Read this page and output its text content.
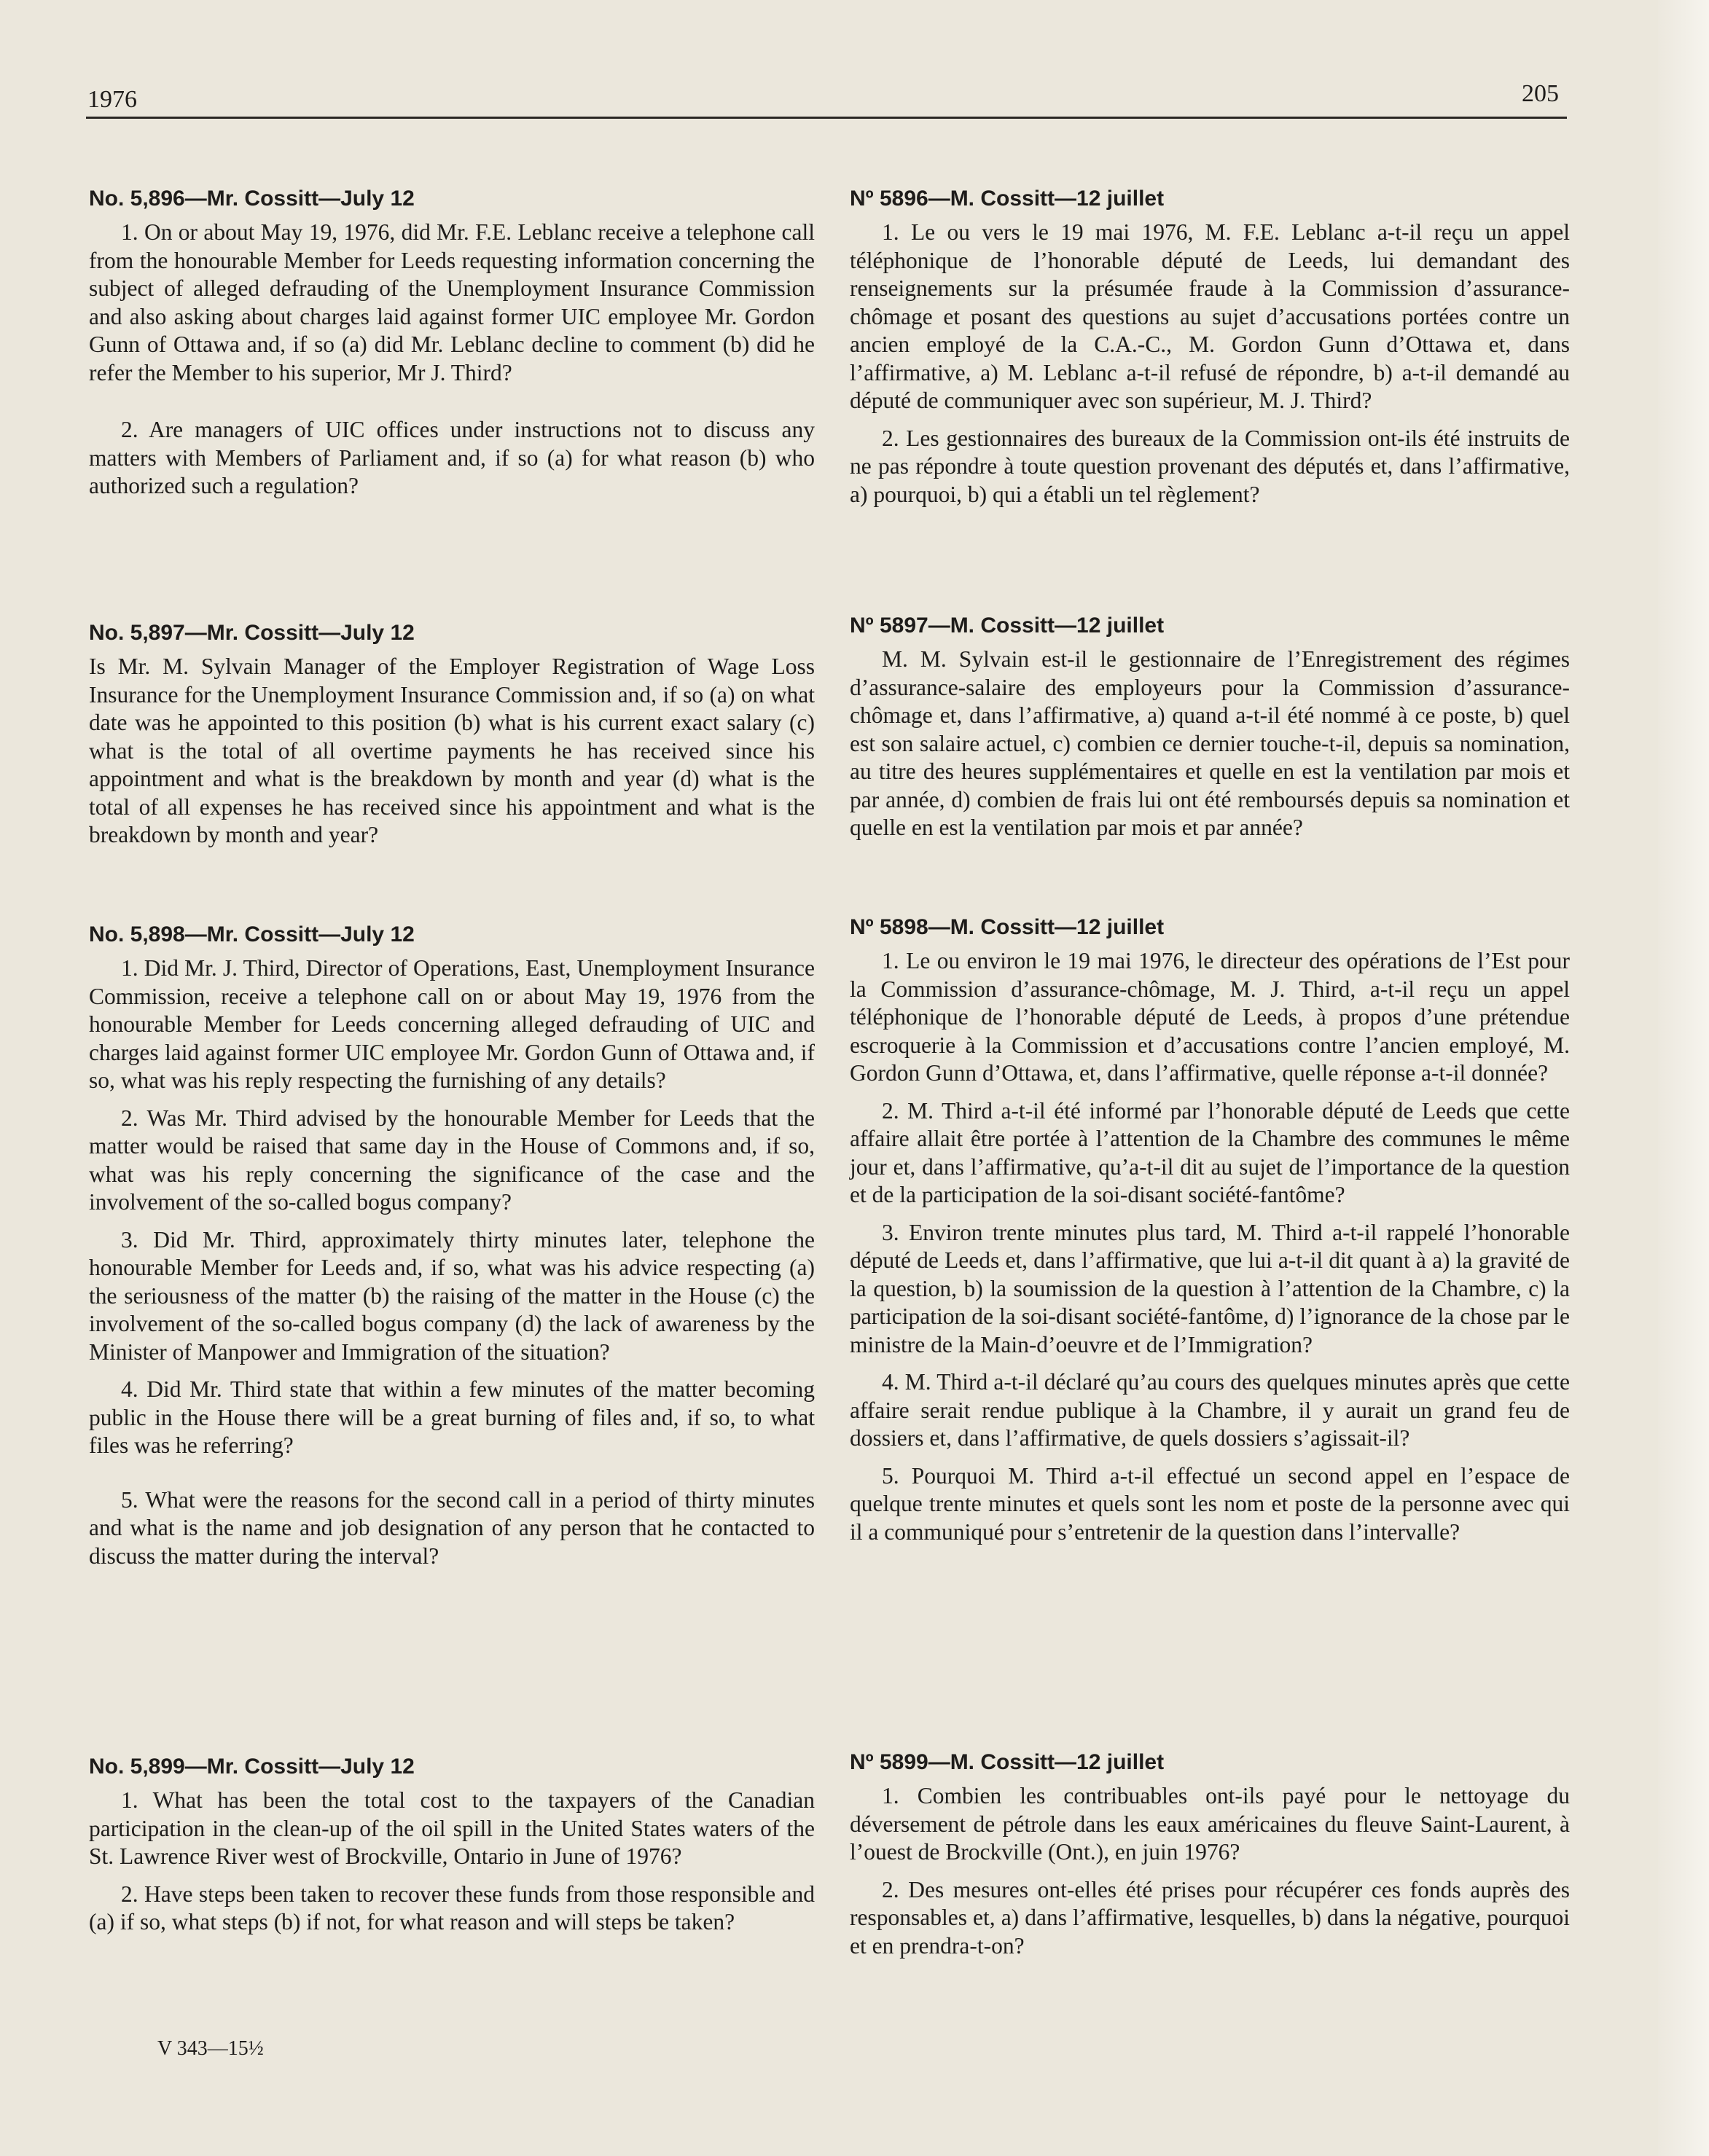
1976	205
No. 5,896—Mr. Cossitt—July 12

1. On or about May 19, 1976, did Mr. F.E. Leblanc receive a telephone call from the honourable Member for Leeds requesting information concerning the subject of alleged defrauding of the Unemployment Insurance Commission and also asking about charges laid against former UIC employee Mr. Gordon Gunn of Ottawa and, if so (a) did Mr. Leblanc decline to comment (b) did he refer the Member to his superior, Mr J. Third?

2. Are managers of UIC offices under instructions not to discuss any matters with Members of Parliament and, if so (a) for what reason (b) who authorized such a regulation?

No. 5,897—Mr. Cossitt—July 12

Is Mr. M. Sylvain Manager of the Employer Registration of Wage Loss Insurance for the Unemployment Insurance Commission and, if so (a) on what date was he appointed to this position (b) what is his current exact salary (c) what is the total of all overtime payments he has received since his appointment and what is the breakdown by month and year (d) what is the total of all expenses he has received since his appointment and what is the breakdown by month and year?

No. 5,898—Mr. Cossitt—July 12

1. Did Mr. J. Third, Director of Operations, East, Unemployment Insurance Commission, receive a telephone call on or about May 19, 1976 from the honourable Member for Leeds concerning alleged defrauding of UIC and charges laid against former UIC employee Mr. Gordon Gunn of Ottawa and, if so, what was his reply respecting the furnishing of any details?

2. Was Mr. Third advised by the honourable Member for Leeds that the matter would be raised that same day in the House of Commons and, if so, what was his reply concerning the significance of the case and the involvement of the so-called bogus company?

3. Did Mr. Third, approximately thirty minutes later, telephone the honourable Member for Leeds and, if so, what was his advice respecting (a) the seriousness of the matter (b) the raising of the matter in the House (c) the involvement of the so-called bogus company (d) the lack of awareness by the Minister of Manpower and Immigration of the situation?

4. Did Mr. Third state that within a few minutes of the matter becoming public in the House there will be a great burning of files and, if so, to what files was he referring?

5. What were the reasons for the second call in a period of thirty minutes and what is the name and job designation of any person that he contacted to discuss the matter during the interval?

No. 5,899—Mr. Cossitt—July 12

1. What has been the total cost to the taxpayers of the Canadian participation in the clean-up of the oil spill in the United States waters of the St. Lawrence River west of Brockville, Ontario in June of 1976?

2. Have steps been taken to recover these funds from those responsible and (a) if so, what steps (b) if not, for what reason and will steps be taken?

Nº 5896—M. Cossitt—12 juillet

1. Le ou vers le 19 mai 1976, M. F.E. Leblanc a-t-il reçu un appel téléphonique de l’honorable député de Leeds, lui demandant des renseignements sur la présumée fraude à la Commission d’assurance-chômage et posant des questions au sujet d’accusations portées contre un ancien employé de la C.A.-C., M. Gordon Gunn d’Ottawa et, dans l’affirmative, a) M. Leblanc a-t-il refusé de répondre, b) a-t-il demandé au député de communiquer avec son supérieur, M. J. Third?

2. Les gestionnaires des bureaux de la Commission ont-ils été instruits de ne pas répondre à toute question provenant des députés et, dans l’affirmative, a) pourquoi, b) qui a établi un tel règlement?

Nº 5897—M. Cossitt—12 juillet

M. M. Sylvain est-il le gestionnaire de l’Enregistrement des régimes d’assurance-salaire des employeurs pour la Commission d’assurance-chômage et, dans l’affirmative, a) quand a-t-il été nommé à ce poste, b) quel est son salaire actuel, c) combien ce dernier touche-t-il, depuis sa nomination, au titre des heures supplémentaires et quelle en est la ventilation par mois et par année, d) combien de frais lui ont été remboursés depuis sa nomination et quelle en est la ventilation par mois et par année?

Nº 5898—M. Cossitt—12 juillet

1. Le ou environ le 19 mai 1976, le directeur des opérations de l’Est pour la Commission d’assurance-chômage, M. J. Third, a-t-il reçu un appel téléphonique de l’honorable député de Leeds, à propos d’une prétendue escroquerie à la Commission et d’accusations contre l’ancien employé, M. Gordon Gunn d’Ottawa, et, dans l’affirmative, quelle réponse a-t-il donnée?

2. M. Third a-t-il été informé par l’honorable député de Leeds que cette affaire allait être portée à l’attention de la Chambre des communes le même jour et, dans l’affirmative, qu’a-t-il dit au sujet de l’importance de la question et de la participation de la soi-disant société-fantôme?

3. Environ trente minutes plus tard, M. Third a-t-il rappelé l’honorable député de Leeds et, dans l’affirmative, que lui a-t-il dit quant à a) la gravité de la question, b) la soumission de la question à l’attention de la Chambre, c) la participation de la soi-disant société-fantôme, d) l’ignorance de la chose par le ministre de la Main-d’oeuvre et de l’Immigration?

4. M. Third a-t-il déclaré qu’au cours des quelques minutes après que cette affaire serait rendue publique à la Chambre, il y aurait un grand feu de dossiers et, dans l’affirmative, de quels dossiers s’agissait-il?

5. Pourquoi M. Third a-t-il effectué un second appel en l’espace de quelque trente minutes et quels sont les nom et poste de la personne avec qui il a communiqué pour s’entretenir de la question dans l’intervalle?

Nº 5899—M. Cossitt—12 juillet

1. Combien les contribuables ont-ils payé pour le nettoyage du déversement de pétrole dans les eaux américaines du fleuve Saint-Laurent, à l’ouest de Brockville (Ont.), en juin 1976?

2. Des mesures ont-elles été prises pour récupérer ces fonds auprès des responsables et, a) dans l’affirmative, lesquelles, b) dans la négative, pourquoi et en prendra-t-on?

V 343—15½
